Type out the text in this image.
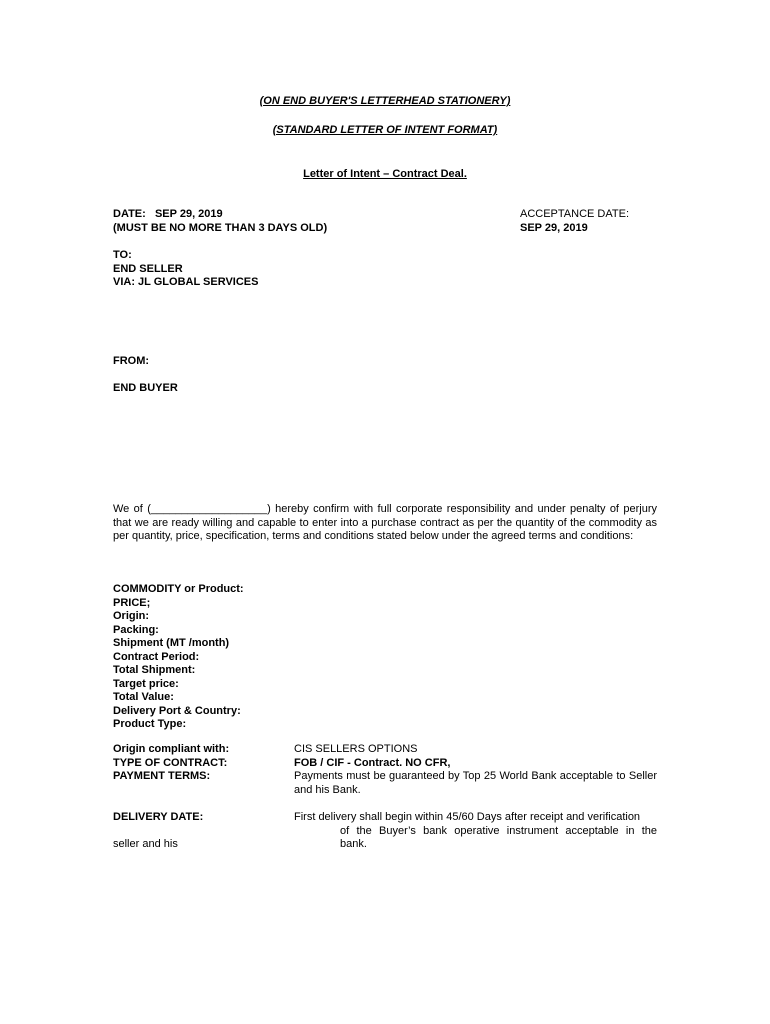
(ON END BUYER'S LETTERHEAD STATIONERY)
(STANDARD LETTER OF INTENT FORMAT)
Letter of Intent – Contract Deal.
DATE: SEP 29, 2019
(MUST BE NO MORE THAN 3 DAYS OLD)
ACCEPTANCE DATE:
SEP 29, 2019
TO:
END SELLER
VIA: JL GLOBAL SERVICES
FROM:
END BUYER
We of (___________________) hereby confirm with full corporate responsibility and under penalty of perjury that we are ready willing and capable to enter into a purchase contract as per the quantity of the commodity as per quantity, price, specification, terms and conditions stated below under the agreed terms and conditions:
COMMODITY or Product:
PRICE;
Origin:
Packing:
Shipment (MT /month)
Contract Period:
Total Shipment:
Target price:
Total Value:
Delivery Port & Country:
Product Type:
Origin compliant with:
TYPE OF CONTRACT:
PAYMENT TERMS:
CIS SELLERS OPTIONS
FOB / CIF - Contract. NO CFR,
Payments must be guaranteed by Top 25 World Bank acceptable to Seller and his Bank.
DELIVERY DATE:
seller and his
First delivery shall begin within 45/60 Days after receipt and verification
of the Buyer’s bank operative instrument acceptable in the
bank.
